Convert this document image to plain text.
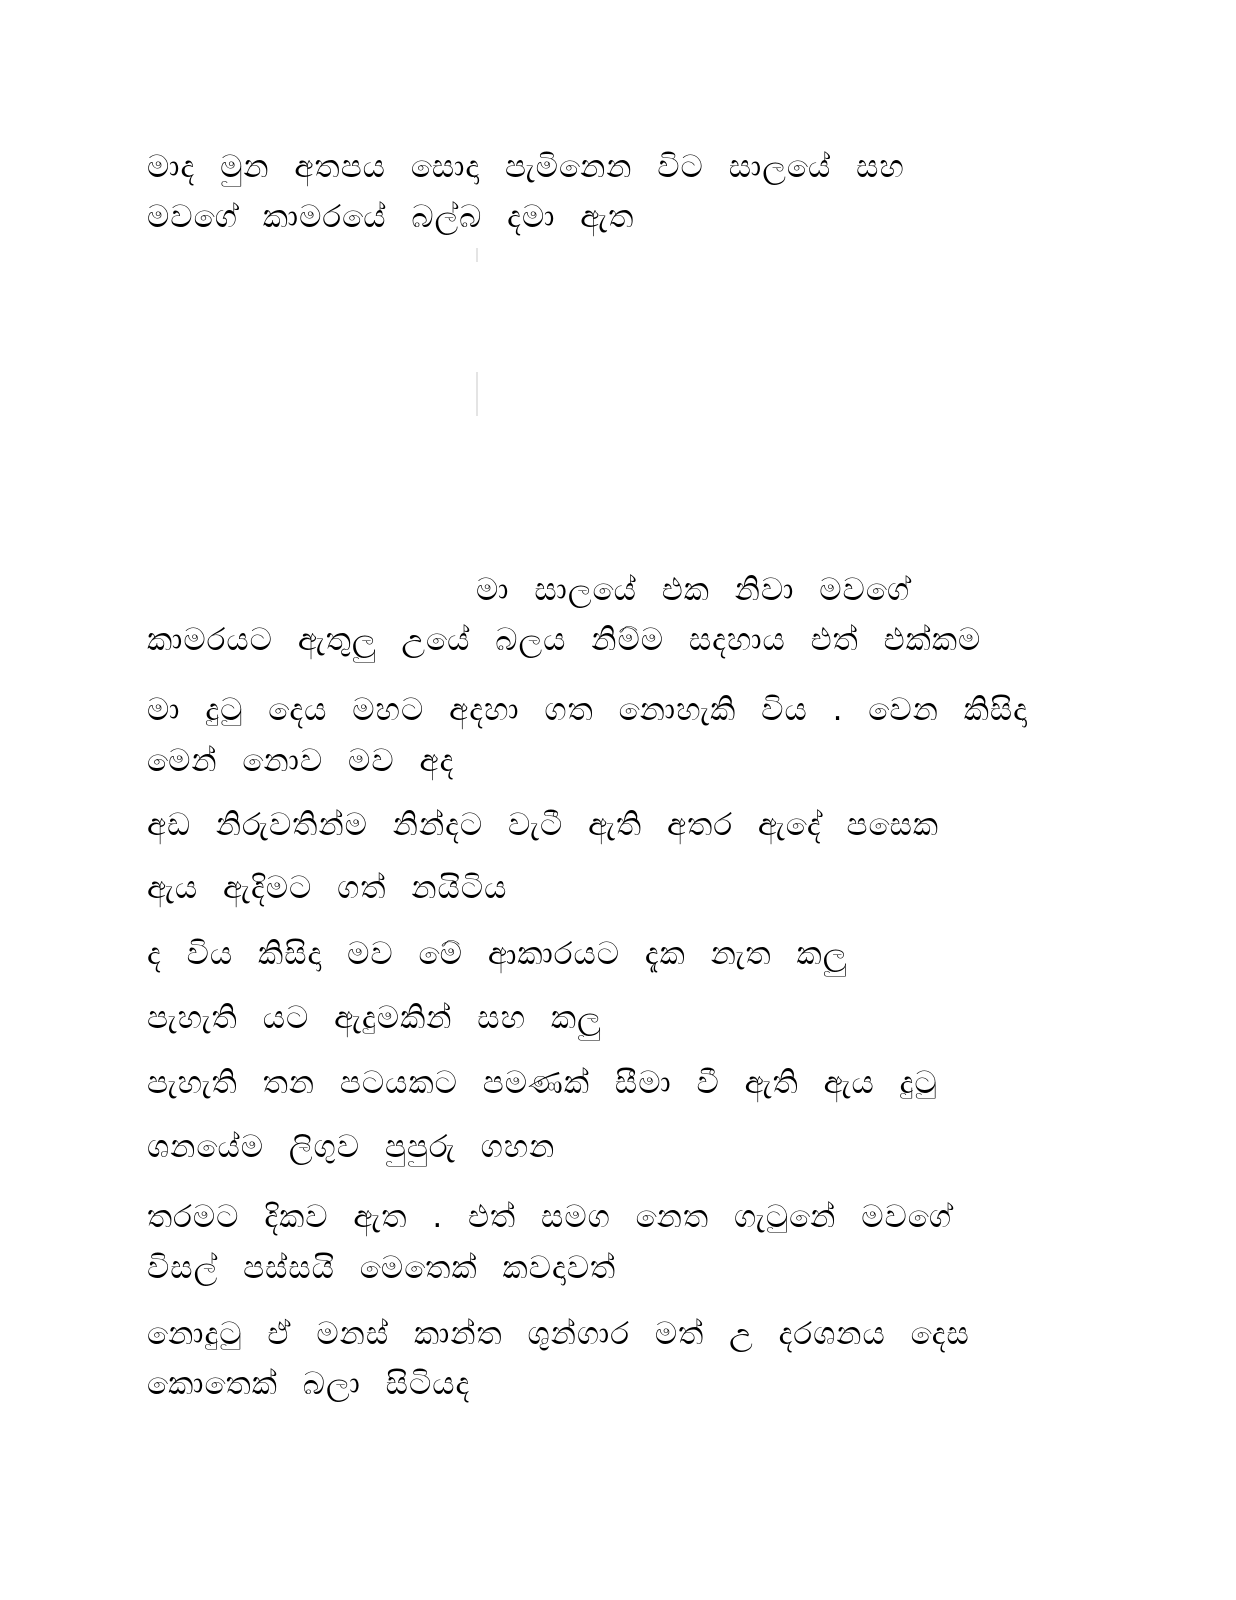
මාද මුන අතපය සොදා පැමිනෙන විට සාලයේ සහ
මවගේ කාමරයේ බල්බ දමා ඇත
මා සාලයේ එක නිවා මවගේ
කාමරයට ඇතුලු උයේ බලය නිම්ම සදහාය එත් එක්කම
මා දුටු දෙය මහට අදහා ගත නොහැකි විය . වෙන කිසිදා
මෙන් නොව මව අද
අඩ නිරුවතින්ම නින්දට වැටී ඇති අතර ඇදේ පසෙක
ඇය ඇදිමට ගත් නයිටිය
ද විය කිසිදා මව මේ ආකාරයට දැක නැත කලු
පැහැති යට ඇදුමකින් සහ කලු
පැහැති තන පටයකට පමණක් සීමා වී ඇති ඇය දුටු
ශනයේම ලිගුව පුපුරු ගහන
තරමට දිකව ඇත . එත් සමග නෙත ගැටුනේ මවගේ
විසල් පස්සයි මෙතෙක් කවදාවත්
නොදුටු ඒ මනස් කාන්ත ශුන්ගාර මත් උ දරශනය දෙස
කොතෙක් බලා සිටියද
